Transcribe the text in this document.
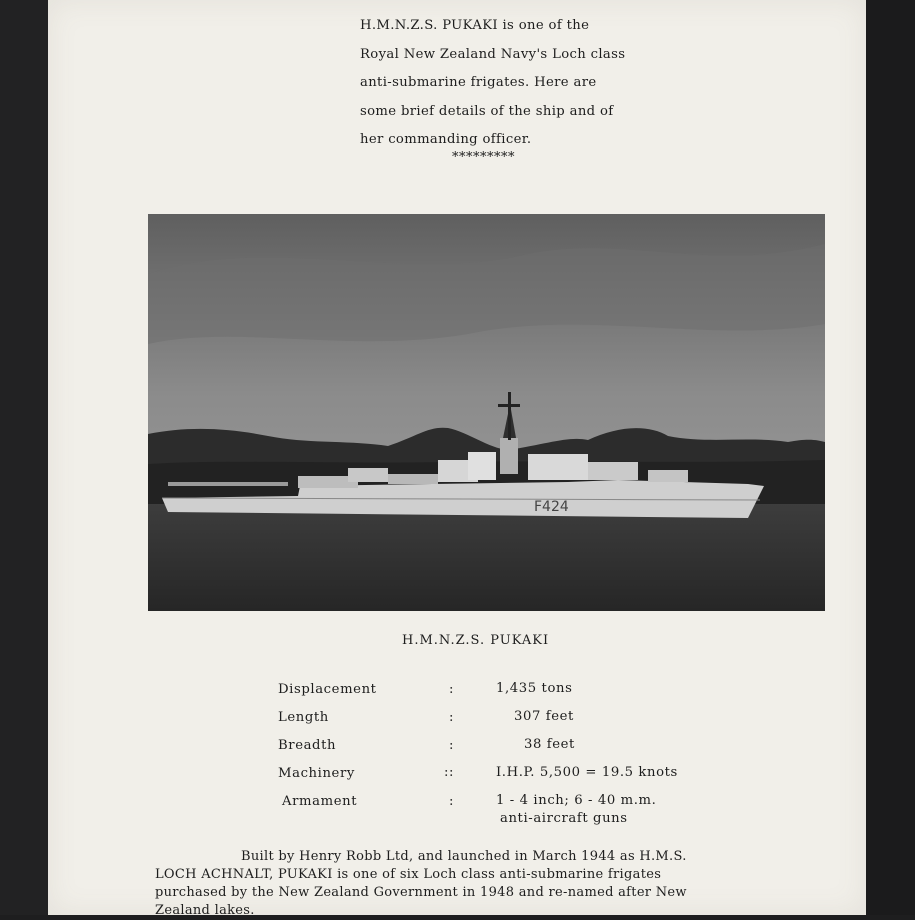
H.M.N.Z.S. PUKAKI is one of the
Royal New Zealand Navy's Loch class
anti-submarine frigates. Here are
some brief details of the ship and of
her commanding officer.
*********
F424
H.M.N.Z.S. PUKAKI
Displacement	:	1,435 tons
Length	:	307 feet
Breadth	:	38 feet
Machinery	::	I.H.P. 5,500 = 19.5 knots
Armament	:	1 - 4 inch; 6 - 40 m.m.
anti-aircraft guns
Built by Henry Robb Ltd, and launched in March 1944 as H.M.S.
LOCH ACHNALT, PUKAKI is one of six Loch class anti-submarine frigates
purchased by the New Zealand Government in 1948 and re-named after New
Zealand lakes.
